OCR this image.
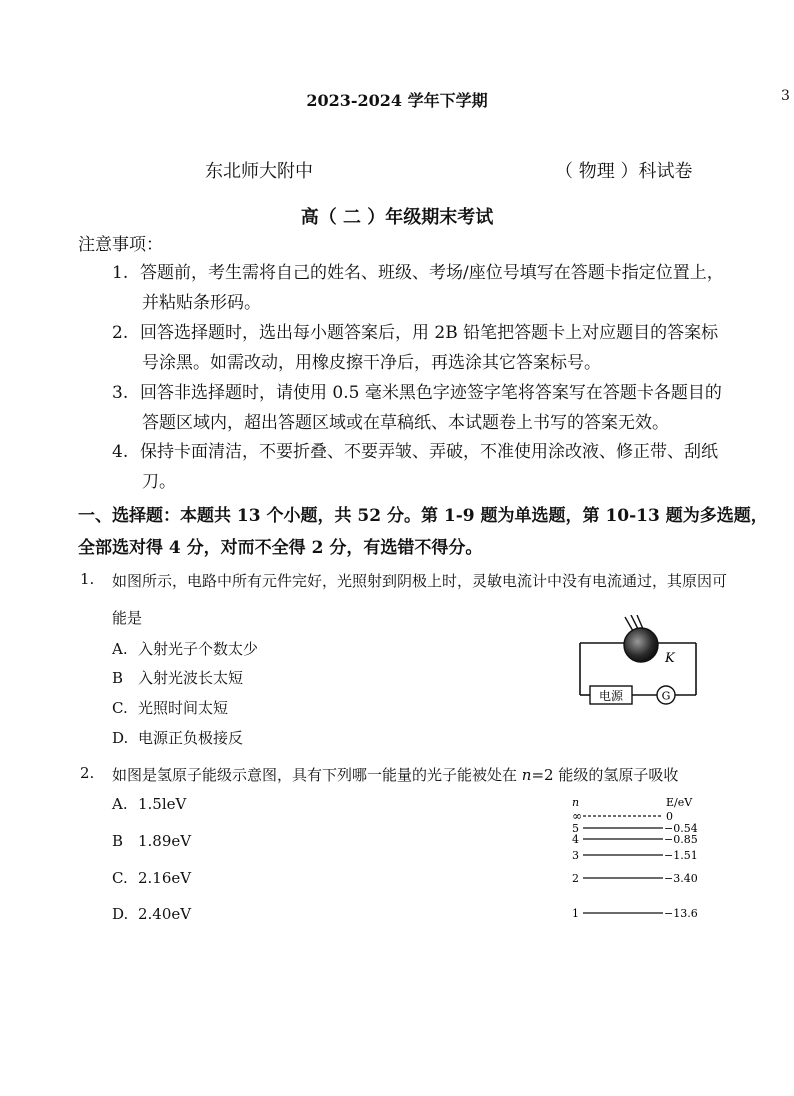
2023-2024 学年下学期	3
东北师大附中	（ 物理 ）科试卷
高（ 二 ）年级期末考试
注意事项：
1. 答题前，考生需将自己的姓名、班级、考场/座位号填写在答题卡指定位置上，
并粘贴条形码。
2. 回答选择题时，选出每小题答案后，用 2B 铅笔把答题卡上对应题目的答案标
号涂黑。如需改动，用橡皮擦干净后，再选涂其它答案标号。
3. 回答非选择题时，请使用 0.5 毫米黑色字迹签字笔将答案写在答题卡各题目的
答题区域内，超出答题区域或在草稿纸、本试题卷上书写的答案无效。
4. 保持卡面清洁，不要折叠、不要弄皱、弄破，不准使用涂改液、修正带、刮纸
刀。
一、选择题：本题共 13 个小题，共 52 分。第 1-9 题为单选题，第 10-13 题为多选题，
全部选对得 4 分，对而不全得 2 分，有选错不得分。
1. 如图所示，电路中所有元件完好，光照射到阴极上时，灵敏电流计中没有电流通过，其原因可
能是
A. 入射光子个数太少
B 入射光波长太短
C. 光照时间太短
D. 电源正负极接反
K
电源	G
2. 如图是氢原子能级示意图，具有下列哪一能量的光子能被处在 n=2 能级的氢原子吸收
A. 1.5leV
B 1.89eV
C. 2.16eV
D. 2.40eV
n	E/eV
∞	0
5	−0.54
4	−0.85
3	−1.51
2	−3.40
1	−13.6
